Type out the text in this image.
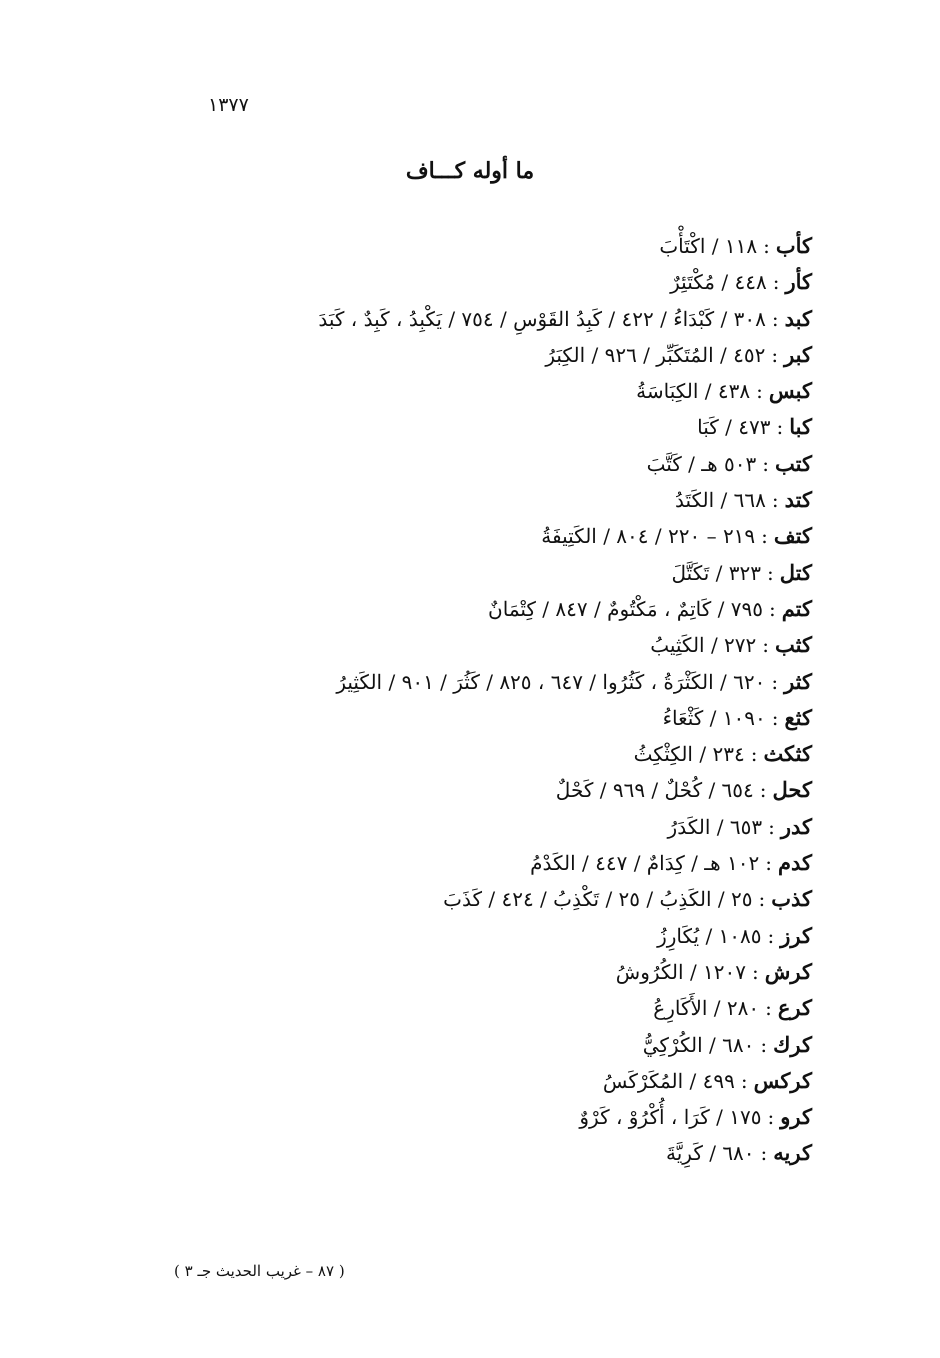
١٣٧٧
ما أوله كـــاف
كأب:١١٨ / اكْتَأْبَ
كأر:٤٤٨ / مُكْتَئِرٌ
كبد:٣٠٨ / كَبْدَاءُ / ٤٢٢ / كَبِدُ القَوْسِ / ٧٥٤ / يَكْبِدُ ، كَبِدٌ ، كَبَدَ
كبر:٤٥٢ / المُتَكَبِّر / ٩٢٦ / الكِبَرُ
كبس:٤٣٨ / الكِبَاسَةُ
كبا:٤٧٣ / كَبَا
كتب:٥٠٣ هـ / كَتَّبَ
كتد:٦٦٨ / الكَتَدُ
كتف:٢١٩ – ٢٢٠ / ٨٠٤ / الكَتِيفَةُ
كتل:٣٢٣ / تَكَتَّلَ
كتم:٧٩٥ / كَاتِمٌ ، مَكْتُومٌ / ٨٤٧ / كِتْمَانٌ
كثب:٢٧٢ / الكَثِيبُ
كثر:٦٢٠ / الكَثْرَةُ ، كَثُرُوا / ٦٤٧ ، ٨٢٥ / كَثُرَ / ٩٠١ / الكَثِيرُ
كثع:١٠٩٠ / كَثْعَاءُ
كثكث:٢٣٤ / الكِثْكِثُ
كحل:٦٥٤ / كُحْلٌ / ٩٦٩ / كَحْلٌ
كدر:٦٥٣ / الكَدَرُ
كدم:١٠٢ هـ / كِدَامٌ / ٤٤٧ / الكَدْمُ
كذب:٢٥ / الكَذِبُ / ٢٥ / تَكْذِبُ / ٤٢٤ / كَذَبَ
كرز:١٠٨٥ / يُكَارِزُ
كرش:١٢٠٧ / الكُرُوشُ
كرع:٢٨٠ / الأَكَارِعُ
كرك:٦٨٠ / الكُرْكِيُّ
كركس:٤٩٩ / المُكَرْكَسُ
كرو:١٧٥ / كَرَا ، أُكْرُوْ ، كَرْوٌ
كريه:٦٨٠ / كَرِيَّةَ
( ٨٧ – غريب الحديث جـ ٣ )
